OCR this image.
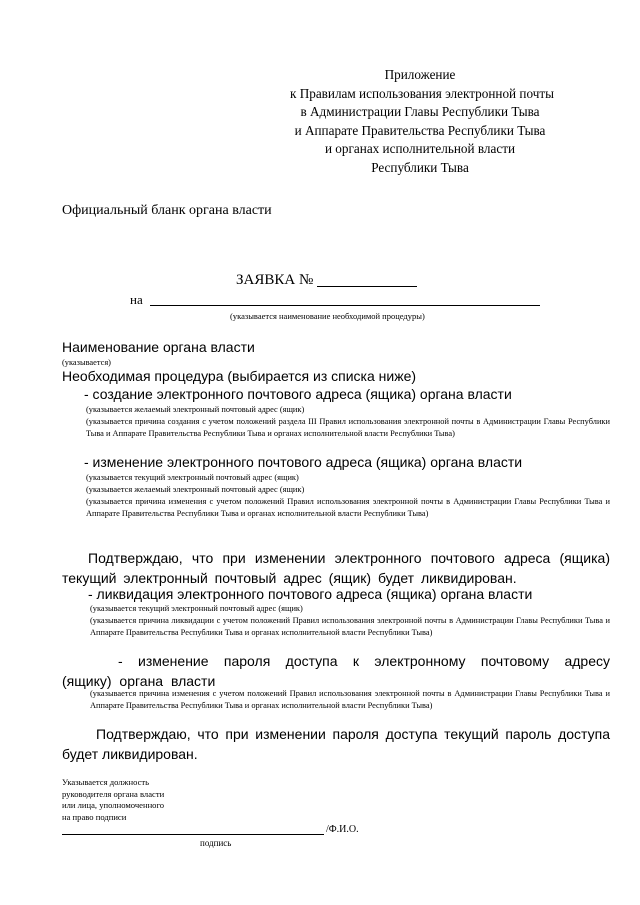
Приложение
к Правилам использования электронной почты
в Администрации Главы Республики Тыва
и Аппарате Правительства Республики Тыва
и органах исполнительной власти
Республики Тыва
Официальный бланк органа власти
ЗАЯВКА №
на
(указывается наименование необходимой процедуры)
Наименование органа власти
(указывается)
Необходимая процедура (выбирается из списка ниже)
- создание электронного почтового адреса (ящика) органа власти
(указывается желаемый электронный почтовый адрес (ящик)
(указывается причина создания с учетом положений раздела III Правил использования электронной почты в Администрации Главы Республики Тыва и Аппарате Правительства Республики Тыва и органах исполнительной власти Республики Тыва)
- изменение электронного почтового адреса (ящика) органа власти
(указывается текущий электронный почтовый адрес (ящик)
(указывается желаемый электронный почтовый адрес (ящик)
(указывается причина изменения с учетом положений Правил использования электронной почты в Администрации Главы Республики Тыва и Аппарате Правительства Республики Тыва и органах исполнительной власти Республики Тыва)
Подтверждаю, что при изменении электронного почтового адреса (ящика) текущий электронный почтовый адрес (ящик) будет ликвидирован.
- ликвидация электронного почтового адреса (ящика) органа власти
(указывается текущий электронный почтовый адрес (ящик)
(указывается причина ликвидации с учетом положений Правил использования электронной почты в Администрации Главы Республики Тыва и Аппарате Правительства Республики Тыва и органах исполнительной власти Республики Тыва)
- изменение пароля доступа к электронному почтовому адресу (ящику) органа власти
(указывается причина изменения с учетом положений Правил использования электронной почты в Администрации Главы Республики Тыва и Аппарате Правительства Республики Тыва и органах исполнительной власти Республики Тыва)
Подтверждаю, что при изменении пароля доступа текущий пароль доступа будет ликвидирован.
Указывается должность
руководителя органа власти
или лица, уполномоченного
на право подписи
/Ф.И.О.
подпись
